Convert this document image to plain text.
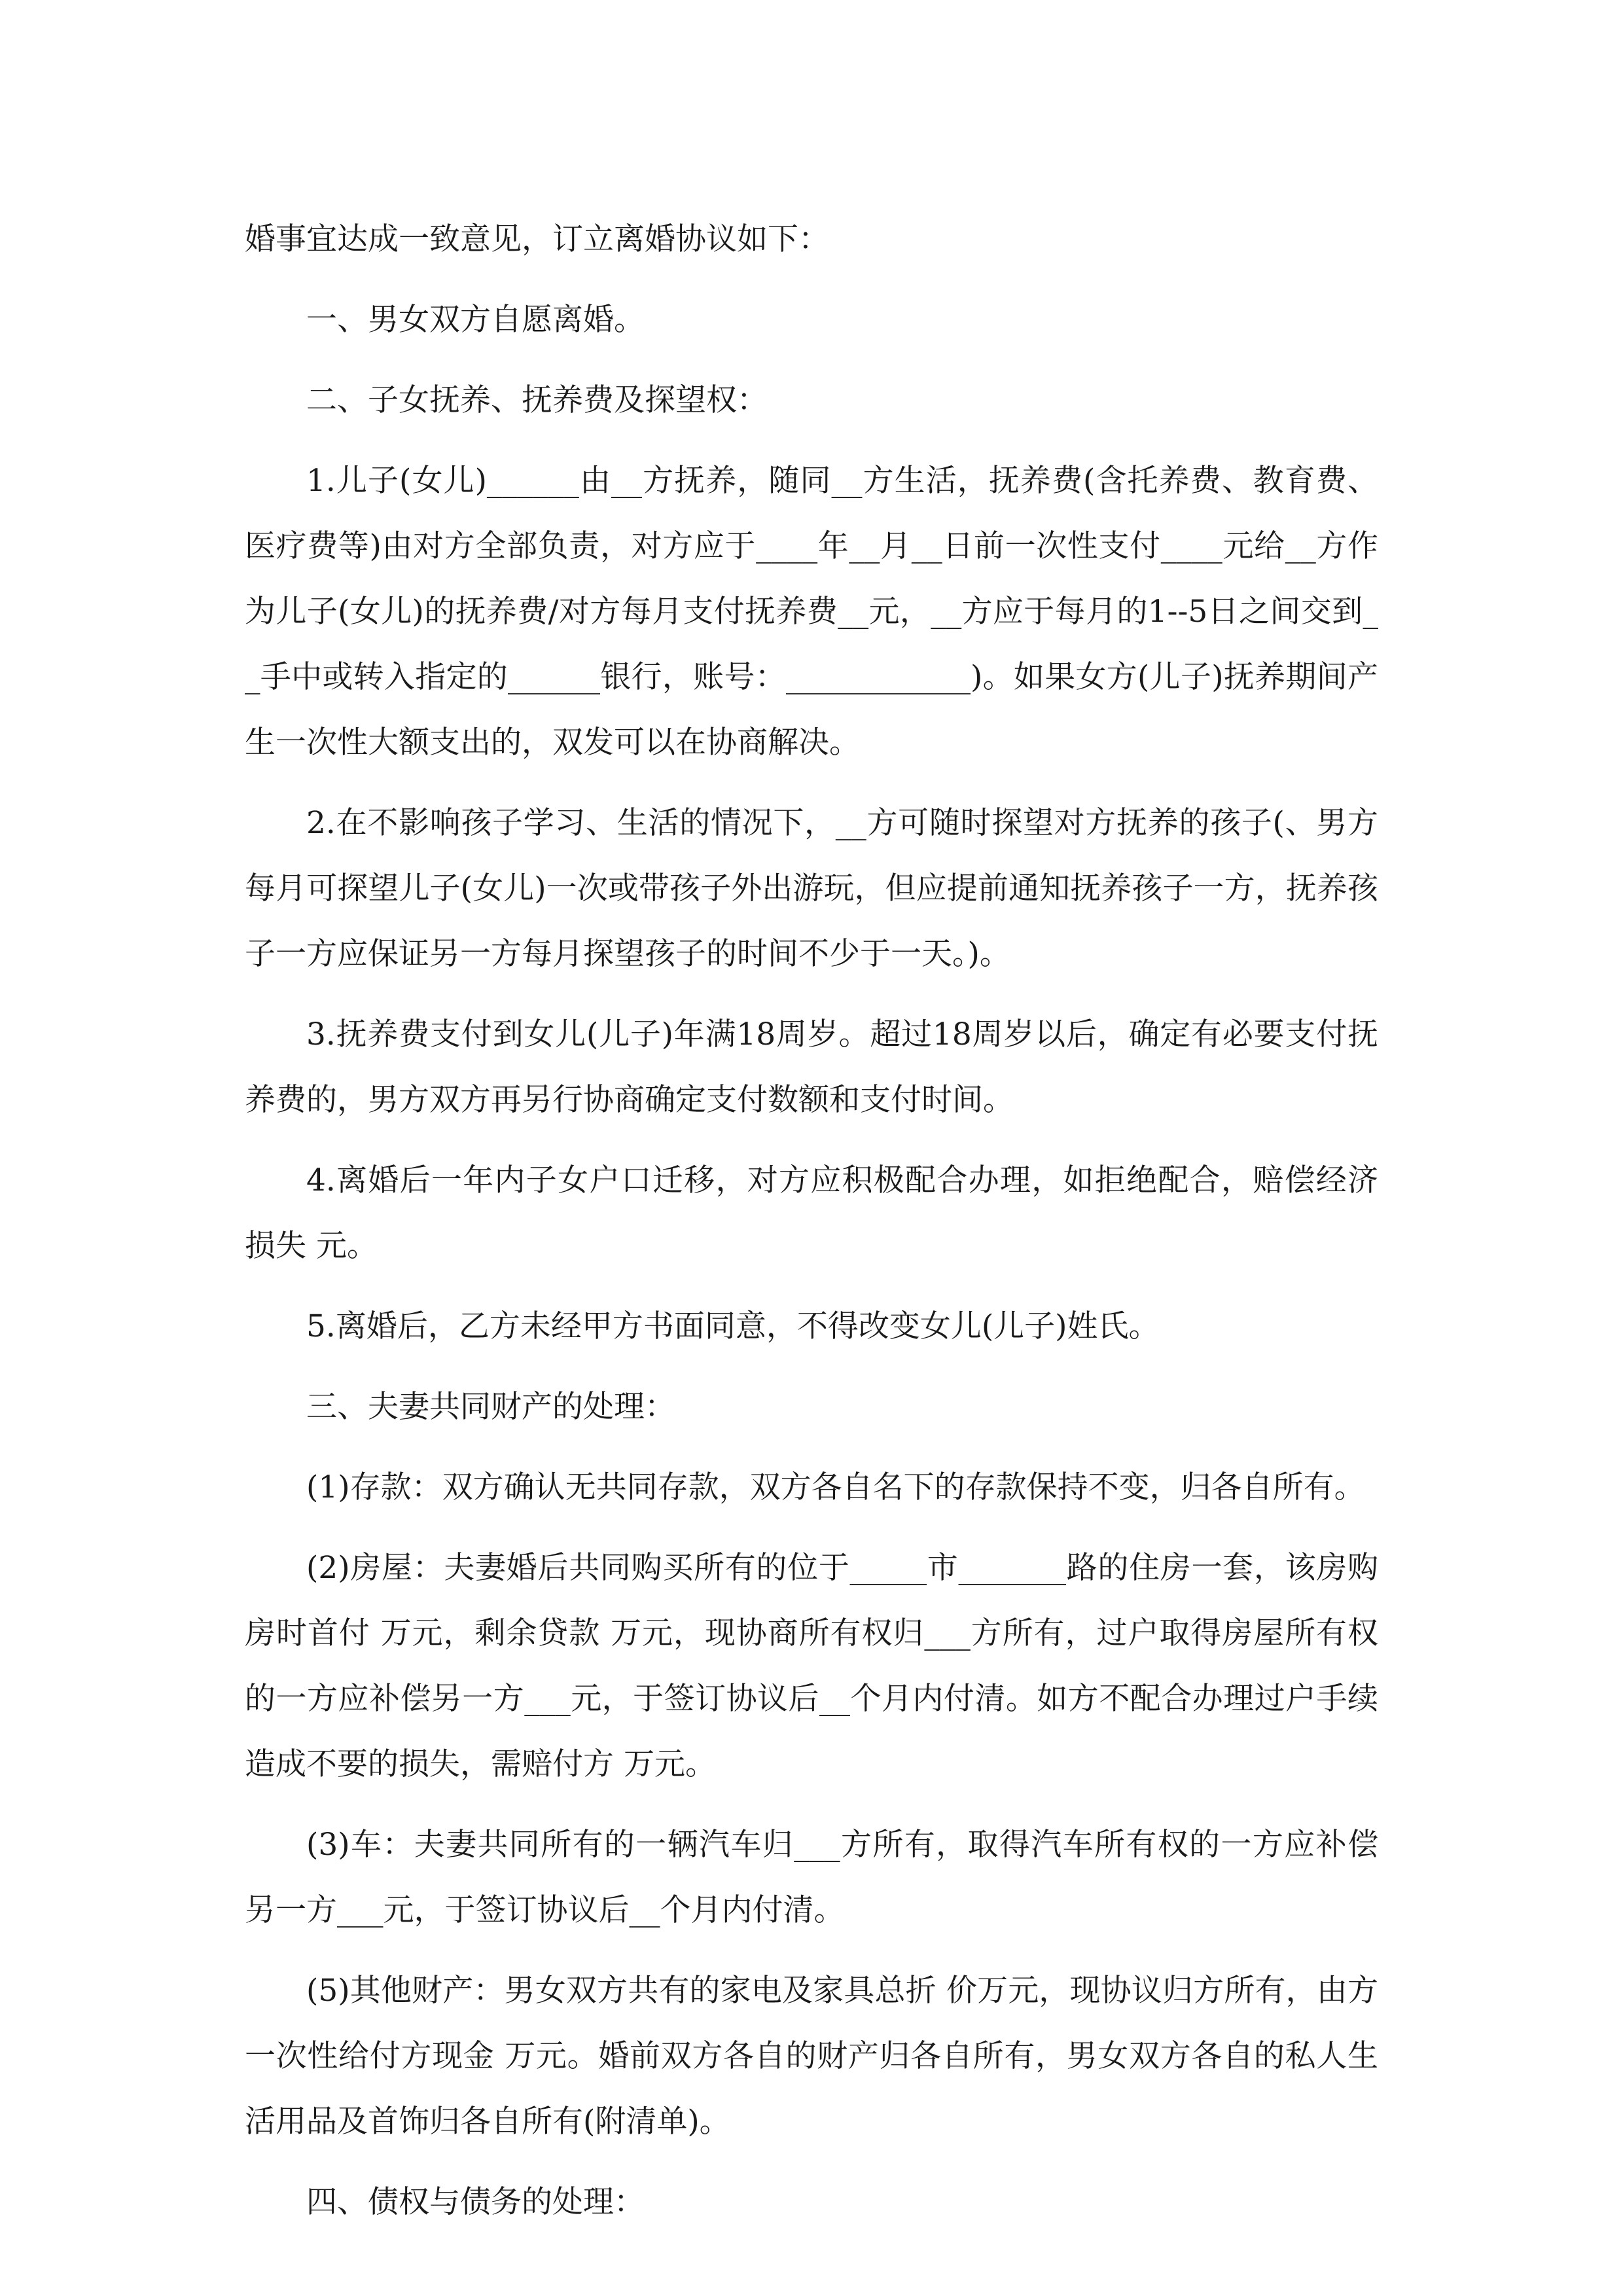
婚事宜达成一致意见，订立离婚协议如下：

一、男女双方自愿离婚。

二、子女抚养、抚养费及探望权：

1.儿子(女儿)______由__方抚养，随同__方生活，抚养费(含托养费、教育费、医疗费等)由对方全部负责，对方应于____年__月__日前一次性支付____元给__方作为儿子(女儿)的抚养费/对方每月支付抚养费__元，__方应于每月的1--5日之间交到__手中或转入指定的______银行，账号：____________)。如果女方(儿子)抚养期间产生一次性大额支出的，双发可以在协商解决。

2.在不影响孩子学习、生活的情况下，__方可随时探望对方抚养的孩子(、男方每月可探望儿子(女儿)一次或带孩子外出游玩，但应提前通知抚养孩子一方，抚养孩子一方应保证另一方每月探望孩子的时间不少于一天。)。

3.抚养费支付到女儿(儿子)年满18周岁。超过18周岁以后，确定有必要支付抚养费的，男方双方再另行协商确定支付数额和支付时间。

4.离婚后一年内子女户口迁移，对方应积极配合办理，如拒绝配合，赔偿经济损失 元。

5.离婚后，乙方未经甲方书面同意，不得改变女儿(儿子)姓氏。

三、夫妻共同财产的处理：

(1)存款：双方确认无共同存款，双方各自名下的存款保持不变，归各自所有。

(2)房屋：夫妻婚后共同购买所有的位于_____市_______路的住房一套，该房购房时首付 万元，剩余贷款 万元，现协商所有权归___方所有，过户取得房屋所有权的一方应补偿另一方___元，于签订协议后__个月内付清。如方不配合办理过户手续造成不要的损失，需赔付方 万元。

(3)车：夫妻共同所有的一辆汽车归___方所有，取得汽车所有权的一方应补偿另一方___元，于签订协议后__个月内付清。

(5)其他财产：男女双方共有的家电及家具总折 价万元，现协议归方所有，由方一次性给付方现金 万元。婚前双方各自的财产归各自所有，男女双方各自的私人生活用品及首饰归各自所有(附清单)。

四、债权与债务的处理：
